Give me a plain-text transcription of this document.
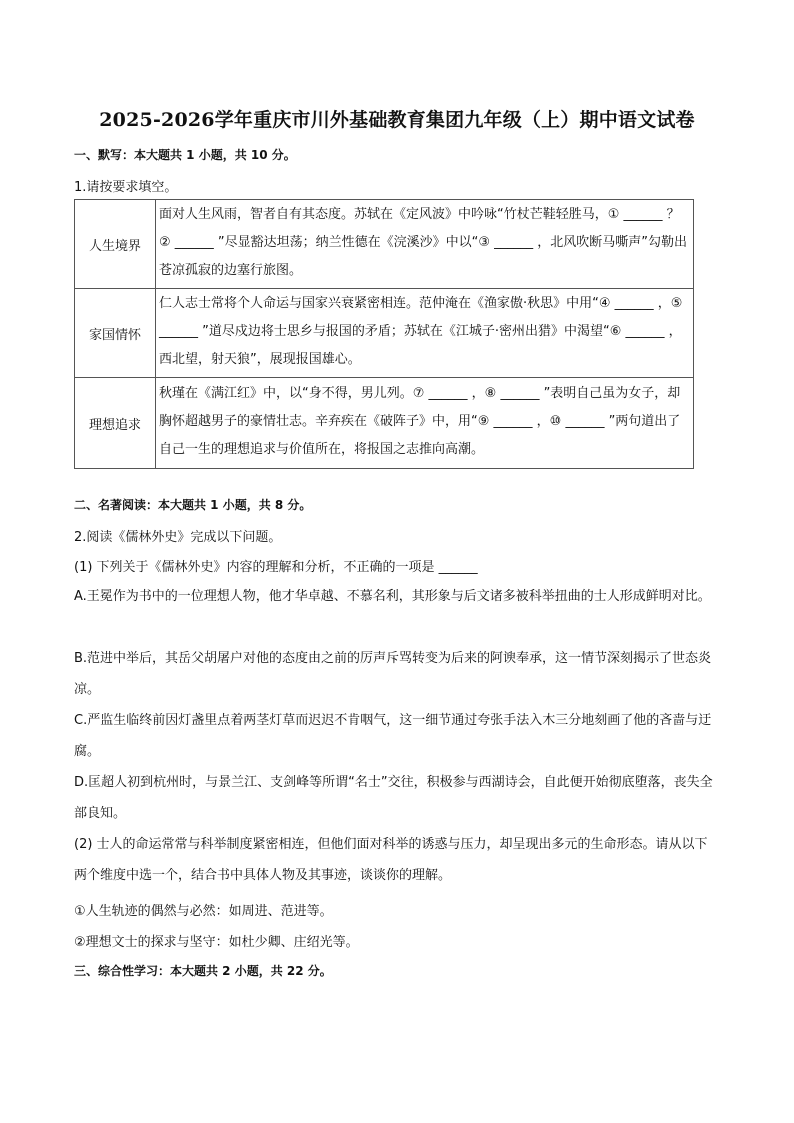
2025-2026学年重庆市川外基础教育集团九年级（上）期中语文试卷
一、默写：本大题共 1 小题，共 10 分。
1.请按要求填空。
人生境界	面对人生风雨，智者自有其态度。苏轼在《定风波》中吟咏“竹杖芒鞋轻胜马，① ______ ？② ______ ”尽显豁达坦荡；纳兰性德在《浣溪沙》中以“③ ______ ，北风吹断马嘶声”勾勒出苍凉孤寂的边塞行旅图。
家国情怀	仁人志士常将个人命运与国家兴衰紧密相连。范仲淹在《渔家傲·秋思》中用“④ ______ ，⑤ ______ ”道尽戍边将士思乡与报国的矛盾；苏轼在《江城子·密州出猎》中渴望“⑥ ______ ，西北望，射天狼”，展现报国雄心。
理想追求	秋瑾在《满江红》中，以“身不得，男儿列。⑦ ______ ，⑧ ______ ”表明自己虽为女子，却胸怀超越男子的豪情壮志。辛弃疾在《破阵子》中，用“⑨ ______ ，⑩ ______ ”两句道出了自己一生的理想追求与价值所在，将报国之志推向高潮。
二、名著阅读：本大题共 1 小题，共 8 分。
2.阅读《儒林外史》完成以下问题。
(1) 下列关于《儒林外史》内容的理解和分析，不正确的一项是 ______
A.王冕作为书中的一位理想人物，他才华卓越、不慕名利，其形象与后文诸多被科举扭曲的士人形成鲜明对比。
B.范进中举后，其岳父胡屠户对他的态度由之前的厉声斥骂转变为后来的阿谀奉承，这一情节深刻揭示了世态炎凉。
C.严监生临终前因灯盏里点着两茎灯草而迟迟不肯咽气，这一细节通过夸张手法入木三分地刻画了他的吝啬与迂腐。
D.匡超人初到杭州时，与景兰江、支剑峰等所谓“名士”交往，积极参与西湖诗会，自此便开始彻底堕落，丧失全部良知。
(2) 士人的命运常常与科举制度紧密相连，但他们面对科举的诱惑与压力，却呈现出多元的生命形态。请从以下两个维度中选一个，结合书中具体人物及其事迹，谈谈你的理解。
①人生轨迹的偶然与必然：如周进、范进等。
②理想文士的探求与坚守：如杜少卿、庄绍光等。
三、综合性学习：本大题共 2 小题，共 22 分。
